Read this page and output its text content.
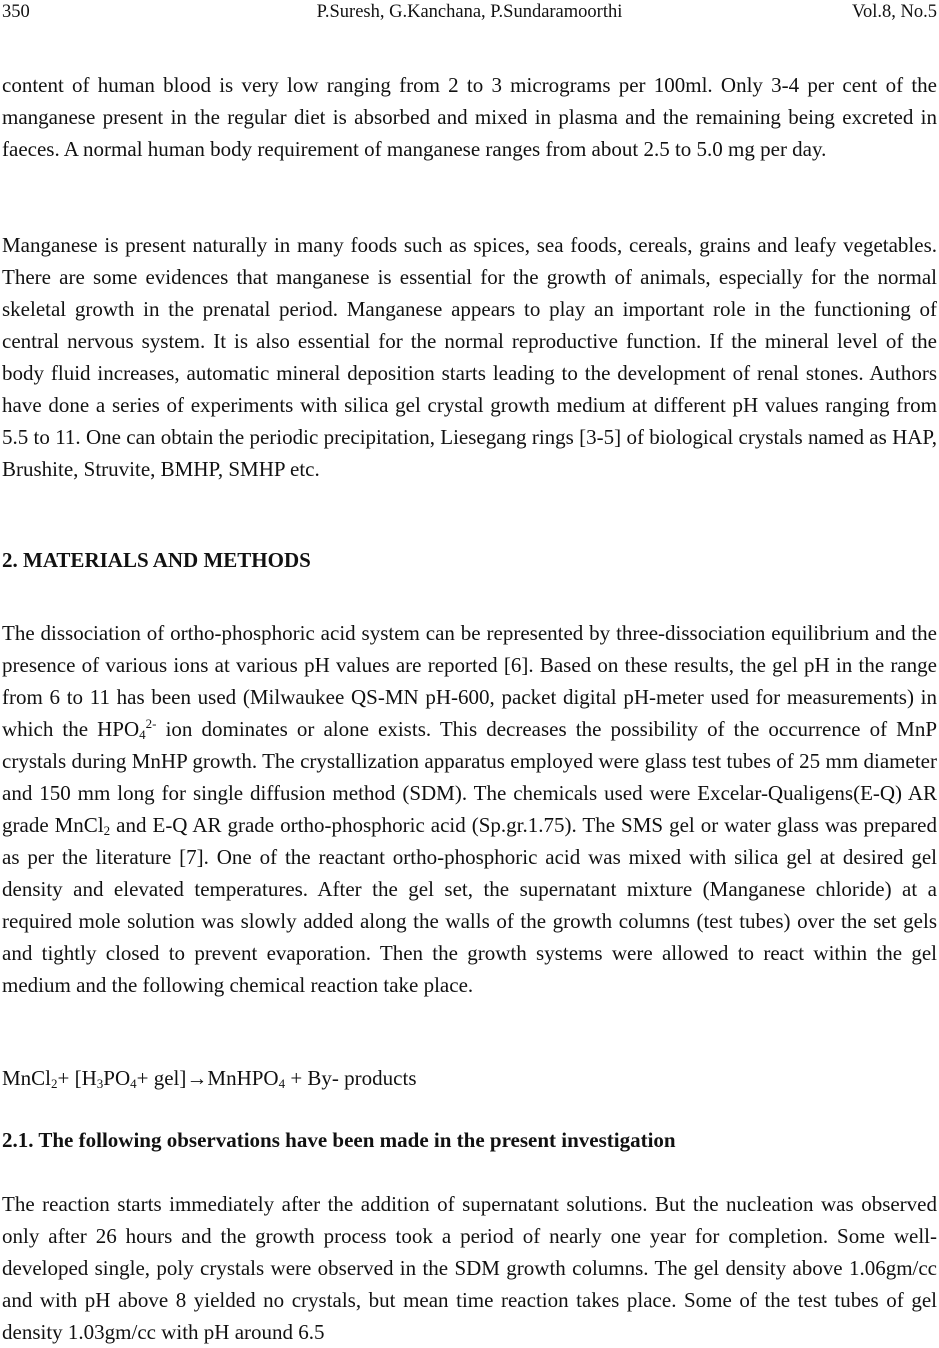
350	P.Suresh, G.Kanchana, P.Sundaramoorthi	Vol.8, No.5

content of human blood is very low ranging from 2 to 3 micrograms per 100ml. Only 3-4 per cent of the manganese present in the regular diet is absorbed and mixed in plasma and the remaining being excreted in faeces. A normal human body requirement of manganese ranges from about 2.5 to 5.0 mg per day.

Manganese is present naturally in many foods such as spices, sea foods, cereals, grains and leafy vegetables. There are some evidences that manganese is essential for the growth of animals, especially for the normal skeletal growth in the prenatal period. Manganese appears to play an important role in the functioning of central nervous system. It is also essential for the normal reproductive function. If the mineral level of the body fluid increases, automatic mineral deposition starts leading to the development of renal stones. Authors have done a series of experiments with silica gel crystal growth medium at different pH values ranging from 5.5 to 11. One can obtain the periodic precipitation, Liesegang rings [3-5] of biological crystals named as HAP, Brushite, Struvite, BMHP, SMHP etc.

2. MATERIALS AND METHODS

The dissociation of ortho-phosphoric acid system can be represented by three-dissociation equilibrium and the presence of various ions at various pH values are reported [6]. Based on these results, the gel pH in the range from 6 to 11 has been used (Milwaukee QS-MN pH-600, packet digital pH-meter used for measurements) in which the $HPO_4^{2-}$ ion dominates or alone exists. This decreases the possibility of the occurrence of MnP crystals during MnHP growth. The crystallization apparatus employed were glass test tubes of 25 mm diameter and 150 mm long for single diffusion method (SDM). The chemicals used were Excelar-Qualigens(E-Q) AR grade MnCl$_2$ and E-Q AR grade ortho-phosphoric acid (Sp.gr.1.75). The SMS gel or water glass was prepared as per the literature [7]. One of the reactant ortho-phosphoric acid was mixed with silica gel at desired gel density and elevated temperatures. After the gel set, the supernatant mixture (Manganese chloride) at a required mole solution was slowly added along the walls of the growth columns (test tubes) over the set gels and tightly closed to prevent evaporation. Then the growth systems were allowed to react within the gel medium and the following chemical reaction take place.

MnCl$_2$+ [$H_3PO_4+$ gel]→MnHPO$_4$ + By- products

2.1. The following observations have been made in the present investigation

The reaction starts immediately after the addition of supernatant solutions. But the nucleation was observed only after 26 hours and the growth process took a period of nearly one year for completion. Some well-developed single, poly crystals were observed in the SDM growth columns. The gel density above 1.06gm/cc and with pH above 8 yielded no crystals, but mean time reaction takes place. Some of the test tubes of gel density 1.03gm/cc with pH around 6.5
